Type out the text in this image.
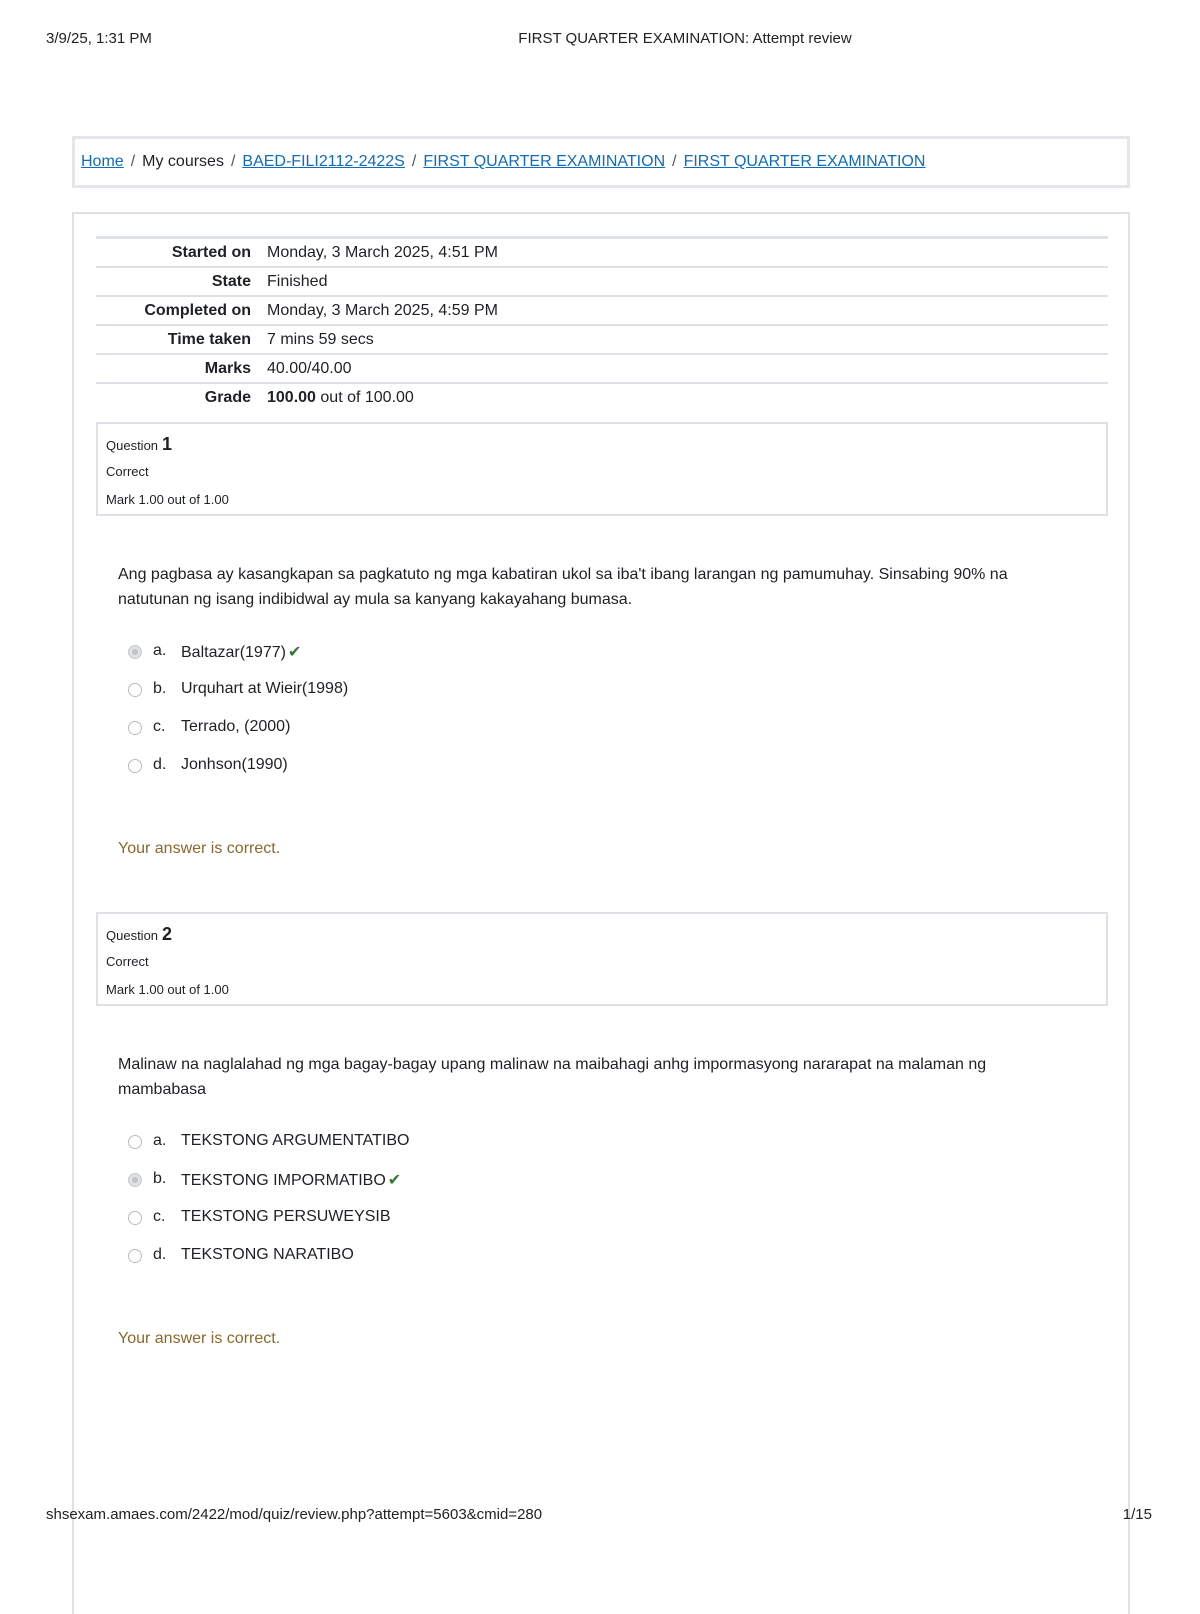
3/9/25, 1:31 PM	FIRST QUARTER EXAMINATION: Attempt review
Home / My courses / BAED-FILI2112-2422S / FIRST QUARTER EXAMINATION / FIRST QUARTER EXAMINATION
Started on	Monday, 3 March 2025, 4:51 PM
State	Finished
Completed on	Monday, 3 March 2025, 4:59 PM
Time taken	7 mins 59 secs
Marks	40.00/40.00
Grade	100.00 out of 100.00
Question 1
Correct
Mark 1.00 out of 1.00
Ang pagbasa ay kasangkapan sa pagkatuto ng mga kabatiran ukol sa iba't ibang larangan ng pamumuhay. Sinsabing 90% na natutunan ng isang indibidwal ay mula sa kanyang kakayahang bumasa.
a. Baltazar(1977) ✔
b. Urquhart at Wieir(1998)
c. Terrado, (2000)
d. Jonhson(1990)
Your answer is correct.
Question 2
Correct
Mark 1.00 out of 1.00
Malinaw na naglalahad ng mga bagay-bagay upang malinaw na maibahagi anhg impormasyong nararapat na malaman ng mambabasa
a. TEKSTONG ARGUMENTATIBO
b. TEKSTONG IMPORMATIBO ✔
c. TEKSTONG PERSUWEYSIB
d. TEKSTONG NARATIBO
Your answer is correct.
shsexam.amaes.com/2422/mod/quiz/review.php?attempt=5603&cmid=280	1/15
